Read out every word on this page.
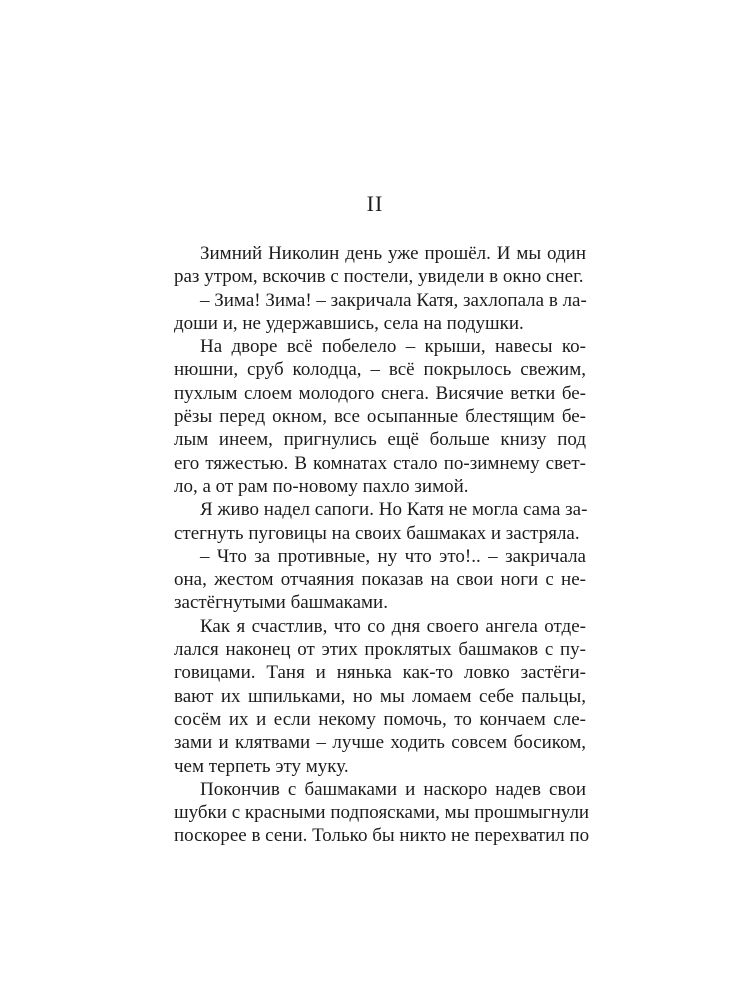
II
Зимний Николин день уже прошёл. И мы один
раз утром, вскочив с постели, увидели в окно снег.
– Зима! Зима! – закричала Катя, захлопала в ла-
доши и, не удержавшись, села на подушки.
На дворе всё побелело – крыши, навесы ко-
нюшни, сруб колодца, – всё покрылось свежим,
пухлым слоем молодого снега. Висячие ветки бе-
рёзы перед окном, все осыпанные блестящим бе-
лым инеем, пригнулись ещё больше книзу под
его тяжестью. В комнатах стало по-зимнему свет-
ло, а от рам по-новому пахло зимой.
Я живо надел сапоги. Но Катя не могла сама за-
стегнуть пуговицы на своих башмаках и застряла.
– Что за противные, ну что это!.. – закричала
она, жестом отчаяния показав на свои ноги с не-
застёгнутыми башмаками.
Как я счастлив, что со дня своего ангела отде-
лался наконец от этих проклятых башмаков с пу-
говицами. Таня и нянька как-то ловко застёги-
вают их шпильками, но мы ломаем себе пальцы,
сосём их и если некому помочь, то кончаем сле-
зами и клятвами – лучше ходить совсем босиком,
чем терпеть эту муку.
Покончив с башмаками и наскоро надев свои
шубки с красными подпоясками, мы прошмыгнули
поскорее в сени. Только бы никто не перехватил по
